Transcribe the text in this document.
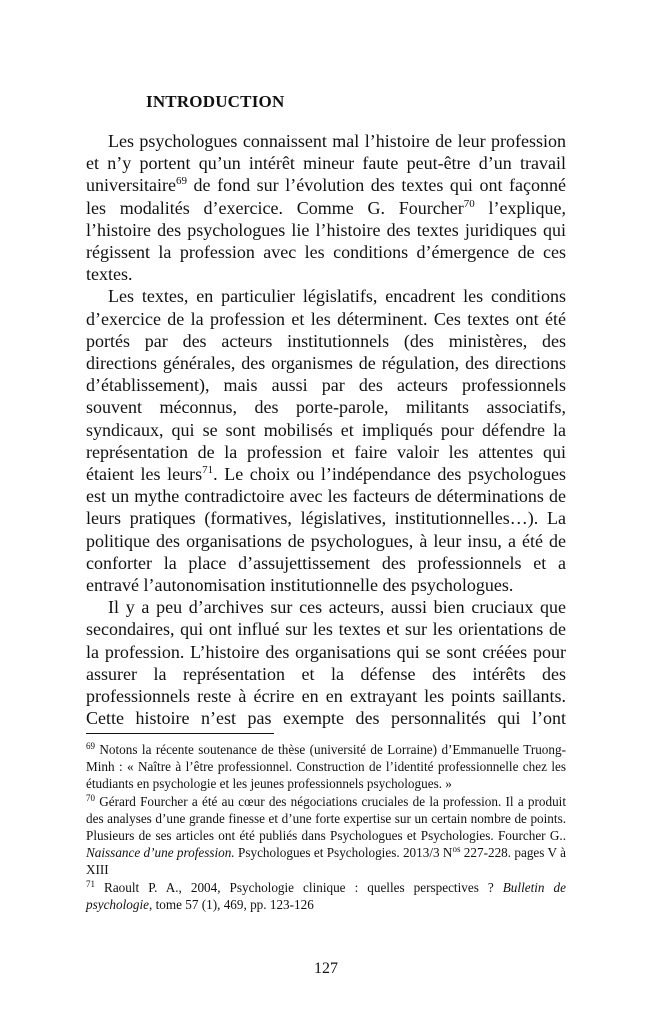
INTRODUCTION

Les psychologues connaissent mal l’histoire de leur profession et n’y portent qu’un intérêt mineur faute peut-être d’un travail universitaire$^{69}$ de fond sur l’évolution des textes qui ont façonné les modalités d’exercice. Comme G. Fourcher$^{70}$ l’explique, l’histoire des psychologues lie l’histoire des textes juridiques qui régissent la profession avec les conditions d’émergence de ces textes.

Les textes, en particulier législatifs, encadrent les conditions d’exercice de la profession et les déterminent. Ces textes ont été portés par des acteurs institutionnels (des ministères, des directions générales, des organismes de régulation, des directions d’établissement), mais aussi par des acteurs professionnels souvent méconnus, des porte-parole, militants associatifs, syndicaux, qui se sont mobilisés et impliqués pour défendre la représentation de la profession et faire valoir les attentes qui étaient les leurs$^{71}$. Le choix ou l’indépendance des psychologues est un mythe contradictoire avec les facteurs de déterminations de leurs pratiques (formatives, législatives, institutionnelles…). La politique des organisations de psychologues, à leur insu, a été de conforter la place d’assujettissement des professionnels et a entravé l’autonomisation institutionnelle des psychologues.

Il y a peu d’archives sur ces acteurs, aussi bien cruciaux que secondaires, qui ont influé sur les textes et sur les orientations de la profession. L’histoire des organisations qui se sont créées pour assurer la représentation et la défense des intérêts des professionnels reste à écrire en en extrayant les points saillants. Cette histoire n’est pas exempte des personnalités qui l’ont

$^{69}$ Notons la récente soutenance de thèse (université de Lorraine) d’Emmanuelle Truong-Minh : « Naître à l’être professionnel. Construction de l’identité professionnelle chez les étudiants en psychologie et les jeunes professionnels psychologues. »

$^{70}$ Gérard Fourcher a été au cœur des négociations cruciales de la profession. Il a produit des analyses d’une grande finesse et d’une forte expertise sur un certain nombre de points. Plusieurs de ses articles ont été publiés dans Psychologues et Psychologies. Fourcher G.. Naissance d’une profession. Psychologues et Psychologies. 2013/3 $N^{os}$ 227-228. pages V à XIII

$^{71}$ Raoult P. A., 2004, Psychologie clinique : quelles perspectives ? Bulletin de psychologie, tome 57 (1), 469, pp. 123-126

127
